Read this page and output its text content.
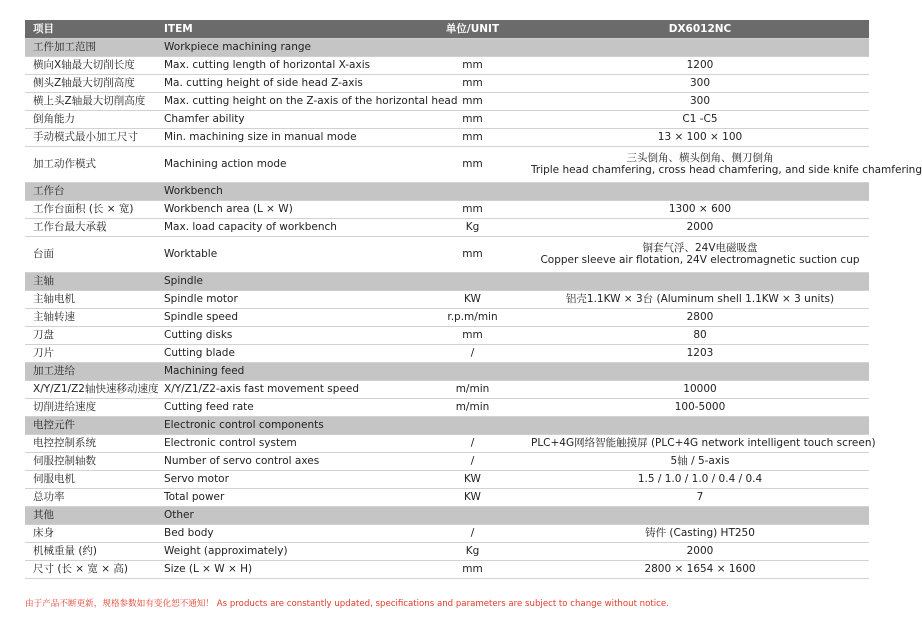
项目	ITEM	单位/UNIT	DX6012NC
工件加工范围	Workpiece machining range		
横向X轴最大切削长度	Max. cutting length of horizontal X-axis	mm	1200

侧头Z轴最大切削高度	Ma. cutting height of side head Z-axis	mm	300

横上头Z轴最大切削高度	Max. cutting height on the Z-axis of the horizontal head	mm	300

倒角能力	Chamfer ability	mm	C1 -C5

手动模式最小加工尺寸	Min. machining size in manual mode	mm	13 × 100 × 100

加工动作模式	Machining action mode	mm	三头倒角、横头倒角、侧刀倒角
Triple head chamfering, cross head chamfering, and side knife chamfering

工作台	Workbench		
工作台面积 (长 × 宽)	Workbench area (L × W)	mm	1300 × 600

工作台最大承载	Max. load capacity of workbench	Kg	2000

台面	Worktable	mm	铜套气浮、24V电磁吸盘
Copper sleeve air flotation, 24V electromagnetic suction cup

主轴	Spindle		
主轴电机	Spindle motor	KW	铝壳1.1KW × 3台 (Aluminum shell 1.1KW × 3 units)

主轴转速	Spindle speed	r.p.m/min	2800

刀盘	Cutting disks	mm	80

刀片	Cutting blade	/	1203

加工进给	Machining feed		
X/Y/Z1/Z2轴快速移动速度	X/Y/Z1/Z2-axis fast movement speed	m/min	10000

切削进给速度	Cutting feed rate	m/min	100-5000

电控元件	Electronic control components		
电控控制系统	Electronic control system	/	PLC+4G网络智能触摸屏 (PLC+4G network intelligent touch screen)

伺服控制轴数	Number of servo control axes	/	5轴 / 5-axis

伺服电机	Servo motor	KW	1.5 / 1.0 / 1.0 / 0.4 / 0.4

总功率	Total power	KW	7

其他	Other		
床身	Bed body	/	铸件 (Casting) HT250

机械重量 (约)	Weight (approximately)	Kg	2000

尺寸 (长 × 宽 × 高)	Size (L × W × H)	mm	2800 × 1654 × 1600
由于产品不断更新，规格参数如有变化恕不通知！ As products are constantly updated, specifications and parameters are subject to change without notice.
